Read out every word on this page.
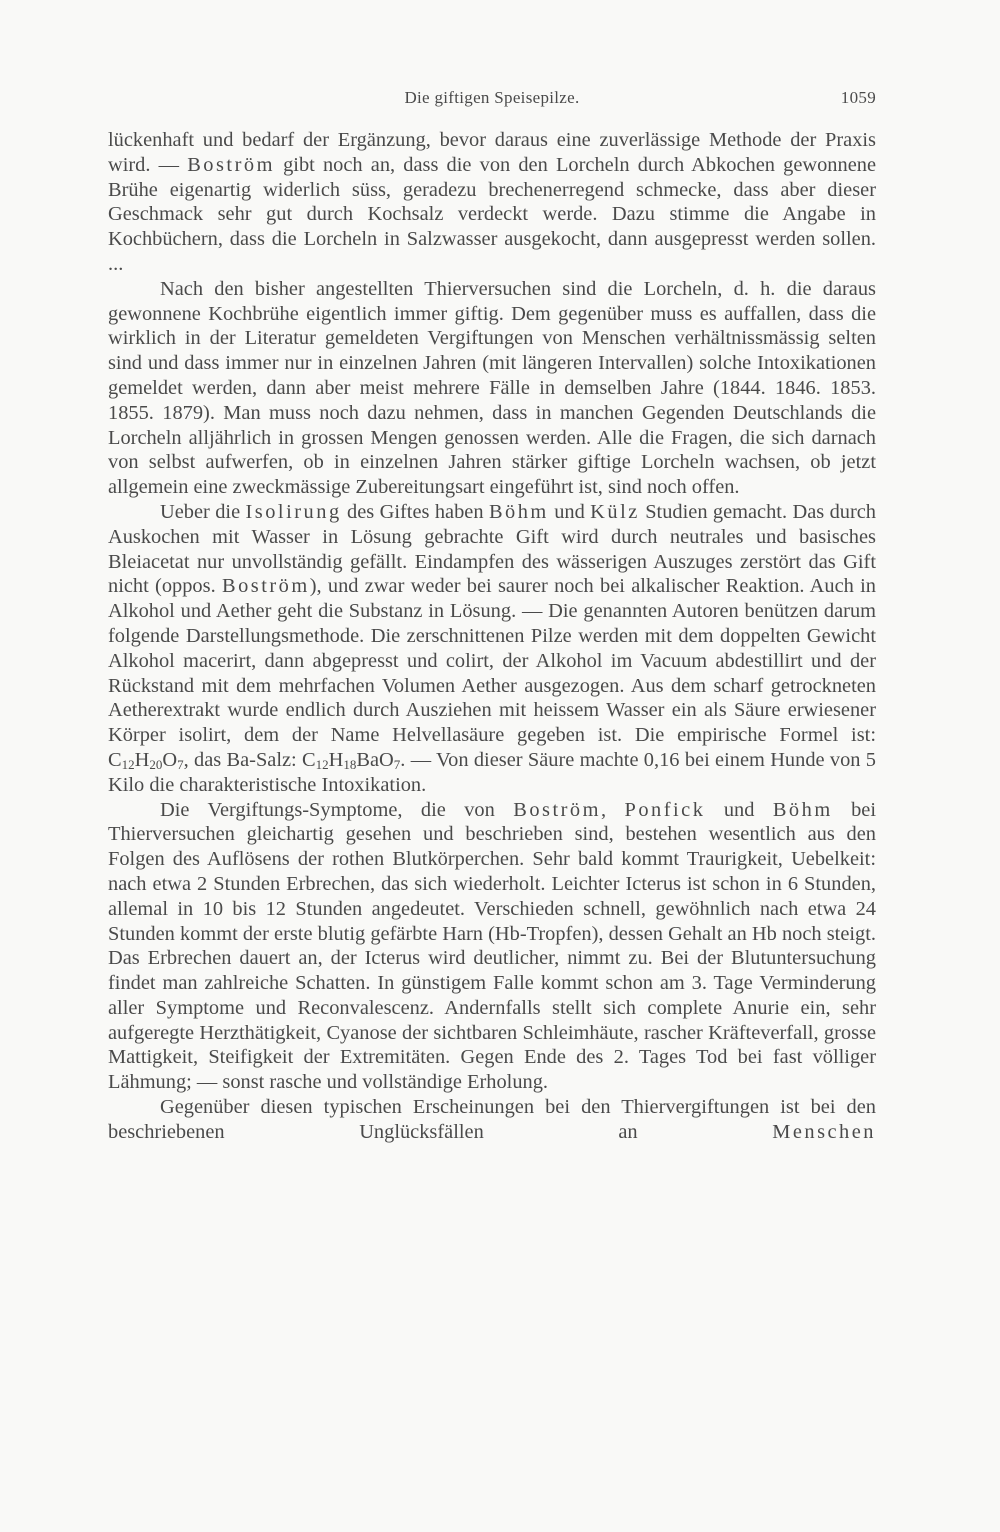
Die giftigen Speisepilze.	1059

lückenhaft und bedarf der Ergänzung, bevor daraus eine zuverlässige Methode der Praxis wird. — Boström gibt noch an, dass die von den Lorcheln durch Abkochen gewonnene Brühe eigenartig widerlich süss, geradezu brechenerregend schmecke, dass aber dieser Geschmack sehr gut durch Kochsalz verdeckt werde. Dazu stimme die Angabe in Kochbüchern, dass die Lorcheln in Salzwasser ausgekocht, dann ausgepresst werden sollen. ...

Nach den bisher angestellten Thierversuchen sind die Lorcheln, d. h. die daraus gewonnene Kochbrühe eigentlich immer giftig. Dem gegenüber muss es auffallen, dass die wirklich in der Literatur gemeldeten Vergiftungen von Menschen verhältnissmässig selten sind und dass immer nur in einzelnen Jahren (mit längeren Intervallen) solche Intoxikationen gemeldet werden, dann aber meist mehrere Fälle in demselben Jahre (1844. 1846. 1853. 1855. 1879). Man muss noch dazu nehmen, dass in manchen Gegenden Deutschlands die Lorcheln alljährlich in grossen Mengen genossen werden. Alle die Fragen, die sich darnach von selbst aufwerfen, ob in einzelnen Jahren stärker giftige Lorcheln wachsen, ob jetzt allgemein eine zweckmässige Zubereitungsart eingeführt ist, sind noch offen.

Ueber die Isolirung des Giftes haben Böhm und Külz Studien gemacht. Das durch Auskochen mit Wasser in Lösung gebrachte Gift wird durch neutrales und basisches Bleiacetat nur unvollständig gefällt. Eindampfen des wässerigen Auszuges zerstört das Gift nicht (oppos. Boström), und zwar weder bei saurer noch bei alkalischer Reaktion. Auch in Alkohol und Aether geht die Substanz in Lösung. — Die genannten Autoren benützen darum folgende Darstellungsmethode. Die zerschnittenen Pilze werden mit dem doppelten Gewicht Alkohol macerirt, dann abgepresst und colirt, der Alkohol im Vacuum abdestillirt und der Rückstand mit dem mehrfachen Volumen Aether ausgezogen. Aus dem scharf getrockneten Aetherextrakt wurde endlich durch Ausziehen mit heissem Wasser ein als Säure erwiesener Körper isolirt, dem der Name Helvellasäure gegeben ist. Die empirische Formel ist: $C_{12}H_{20}O_7$, das Ba-Salz: $C_{12}H_{18}BaO_7$. — Von dieser Säure machte 0,16 bei einem Hunde von 5 Kilo die charakteristische Intoxikation.

Die Vergiftungs-Symptome, die von Boström, Ponfick und Böhm bei Thierversuchen gleichartig gesehen und beschrieben sind, bestehen wesentlich aus den Folgen des Auflösens der rothen Blutkörperchen. Sehr bald kommt Traurigkeit, Uebelkeit: nach etwa 2 Stunden Erbrechen, das sich wiederholt. Leichter Icterus ist schon in 6 Stunden, allemal in 10 bis 12 Stunden angedeutet. Verschieden schnell, gewöhnlich nach etwa 24 Stunden kommt der erste blutig gefärbte Harn (Hb-Tropfen), dessen Gehalt an Hb noch steigt. Das Erbrechen dauert an, der Icterus wird deutlicher, nimmt zu. Bei der Blutuntersuchung findet man zahlreiche Schatten. In günstigem Falle kommt schon am 3. Tage Verminderung aller Symptome und Reconvalescenz. Andernfalls stellt sich complete Anurie ein, sehr aufgeregte Herzthätigkeit, Cyanose der sichtbaren Schleimhäute, rascher Kräfteverfall, grosse Mattigkeit, Steifigkeit der Extremitäten. Gegen Ende des 2. Tages Tod bei fast völliger Lähmung; — sonst rasche und vollständige Erholung.

Gegenüber diesen typischen Erscheinungen bei den Thiervergiftungen ist bei den beschriebenen Unglücksfällen an Menschen
